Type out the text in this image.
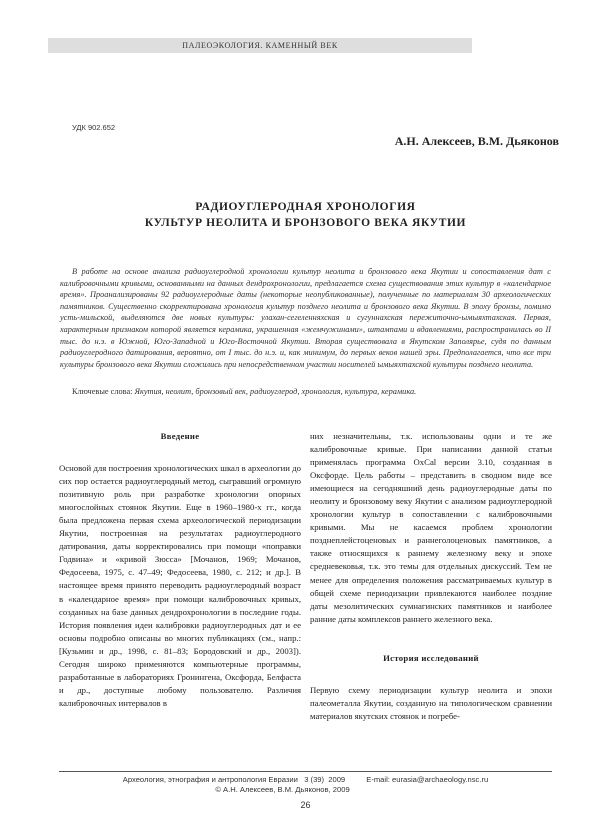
ПАЛЕОЭКОЛОГИЯ. КАМЕННЫЙ ВЕК
УДК 902.652
А.Н. Алексеев, В.М. Дьяконов
РАДИОУГЛЕРОДНАЯ ХРОНОЛОГИЯ
КУЛЬТУР НЕОЛИТА И БРОНЗОВОГО ВЕКА ЯКУТИИ
В работе на основе анализа радиоуглеродной хронологии культур неолита и бронзового века Якутии и сопоставления дат с калибровочными кривыми, основанными на данных дендрохронологии, предлагается схема существования этих культур в «календарное время». Проанализированы 92 радиоуглеродные даты (некоторые неопубликованные), полученные по материалам 30 археологических памятников. Существенно скорректирована хронология культур позднего неолита и бронзового века Якутии. В эпоху бронзы, помимо усть-мильской, выделяются две новых культуры: улахан-сегеленняхская и сугуннахская пережиточно-ымыяхтахская. Первая, характерным признаком которой является керамика, украшенная «жемчужинами», штампами и вдавлениями, распространилась во II тыс. до н.э. в Южной, Юго-Западной и Юго-Восточной Якутии. Вторая существовала в Якутском Заполярье, судя по данным радиоуглеродного датирования, вероятно, от I тыс. до н.э. и, как минимум, до первых веков нашей эры. Предполагается, что все три культуры бронзового века Якутии сложились при непосредственном участии носителей ымыяхтахской культуры позднего неолита.
Ключевые слова: Якутия, неолит, бронзовый век, радиоуглерод, хронология, культура, керамика.
Введение

Основой для построения хронологических шкал в археологии до сих пор остается радиоуглеродный метод, сыгравший огромную позитивную роль при разработке хронологии опорных многослойных стоянок Якутии. Еще в 1960–1980-х гг., когда была предложена первая схема археологической периодизации Якутии, построенная на результатах радиоуглеродного датирования, даты корректировались при помощи «поправки Годвина» и «кривой Зюсса» [Мочанов, 1969; Мочанов, Федосеева, 1975, с. 47–49; Федосеева, 1980, с. 212; и др.]. В настоящее время принято переводить радиоуглеродный возраст в «календарное время» при помощи калибровочных кривых, созданных на базе данных дендрохронологии в последние годы. История появления идеи калибровки радиоуглеродных дат и ее основы подробно описаны во многих публикациях (см., напр.: [Кузьмин и др., 1998, с. 81–83; Бородовский и др., 2003]). Сегодня широко применяются компьютерные программы, разработанные в лабораториях Гронингена, Оксфорда, Белфаста и др., доступные любому пользователю. Различия калибровочных интервалов в

них незначительны, т.к. использованы одни и те же калибровочные кривые. При написании данной статьи применялась программа OxCal версии 3.10, созданная в Оксфорде. Цель работы – представить в сводном виде все имеющиеся на сегодняшний день радиоуглеродные даты по неолиту и бронзовому веку Якутии с анализом радиоуглеродной хронологии культур в сопоставлении с калибровочными кривыми. Мы не касаемся проблем хронологии позднеплейстоценовых и раннеголоценовых памятников, а также относящихся к раннему железному веку и эпохе средневековья, т.к. это темы для отдельных дискуссий. Тем не менее для определения положения рассматриваемых культур в общей схеме периодизации привлекаются наиболее поздние даты мезолитических сумнагинских памятников и наиболее ранние даты комплексов раннего железного века.

История исследований

Первую схему периодизации культур неолита и эпохи палеометалла Якутии, созданную на типологическом сравнении материалов якутских стоянок и погребе-

Археология, этнография и антропология Евразии
3 (39)  2009
	E-mail: eurasia@archaeology.nsc.ru
© А.Н. Алексеев, В.М. Дьяконов, 2009
26
